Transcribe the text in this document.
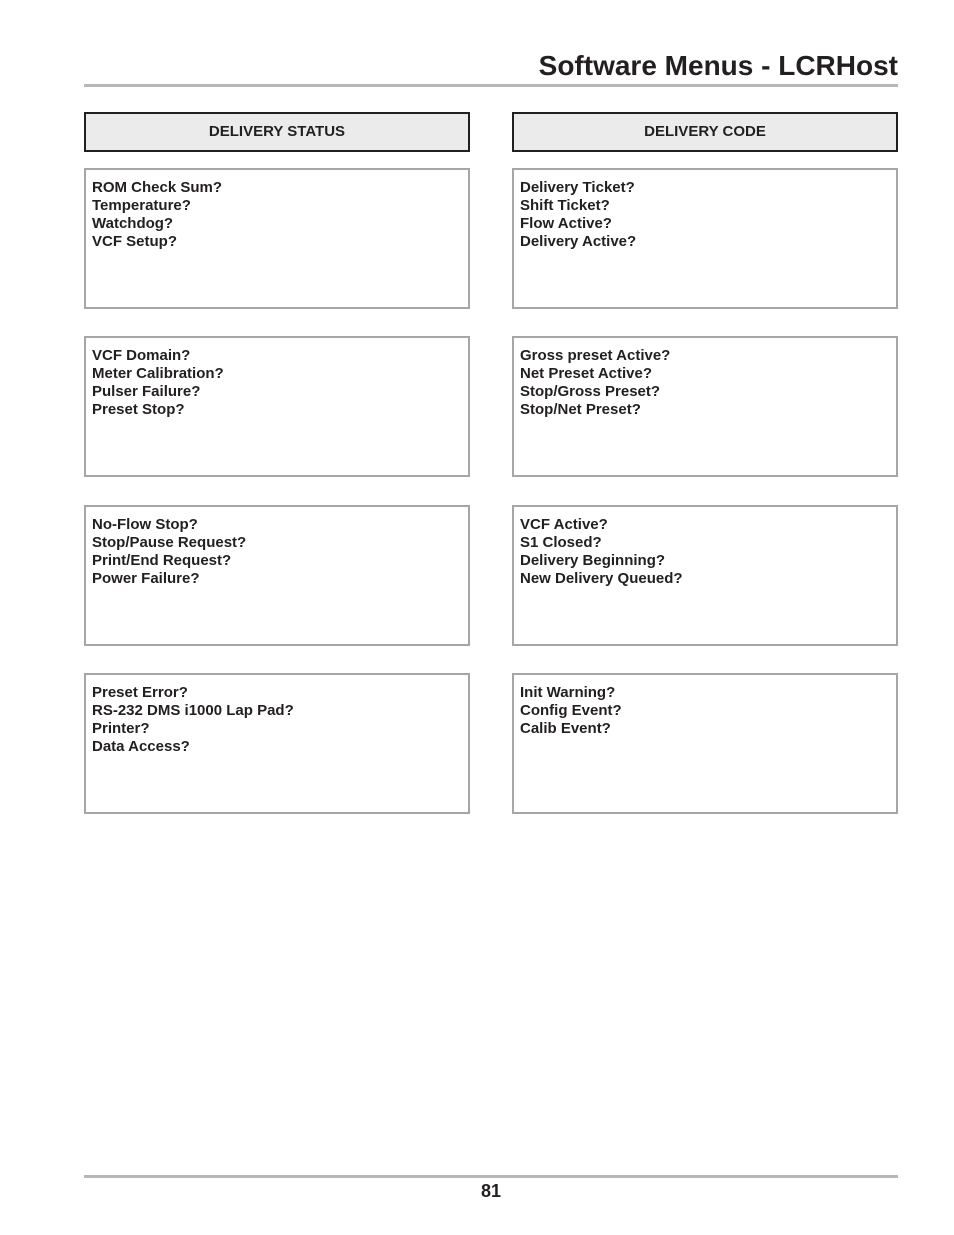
Software Menus - LCRHost
DELIVERY STATUS
ROM Check Sum?
Temperature?
Watchdog?
VCF Setup?
VCF Domain?
Meter Calibration?
Pulser Failure?
Preset Stop?
No-Flow Stop?
Stop/Pause Request?
Print/End Request?
Power Failure?
Preset Error?
RS-232 DMS i1000 Lap Pad?
Printer?
Data Access?
DELIVERY CODE
Delivery Ticket?
Shift Ticket?
Flow Active?
Delivery Active?
Gross preset Active?
Net Preset Active?
Stop/Gross Preset?
Stop/Net Preset?
VCF Active?
S1 Closed?
Delivery Beginning?
New Delivery Queued?
Init Warning?
Config Event?
Calib Event?
81
